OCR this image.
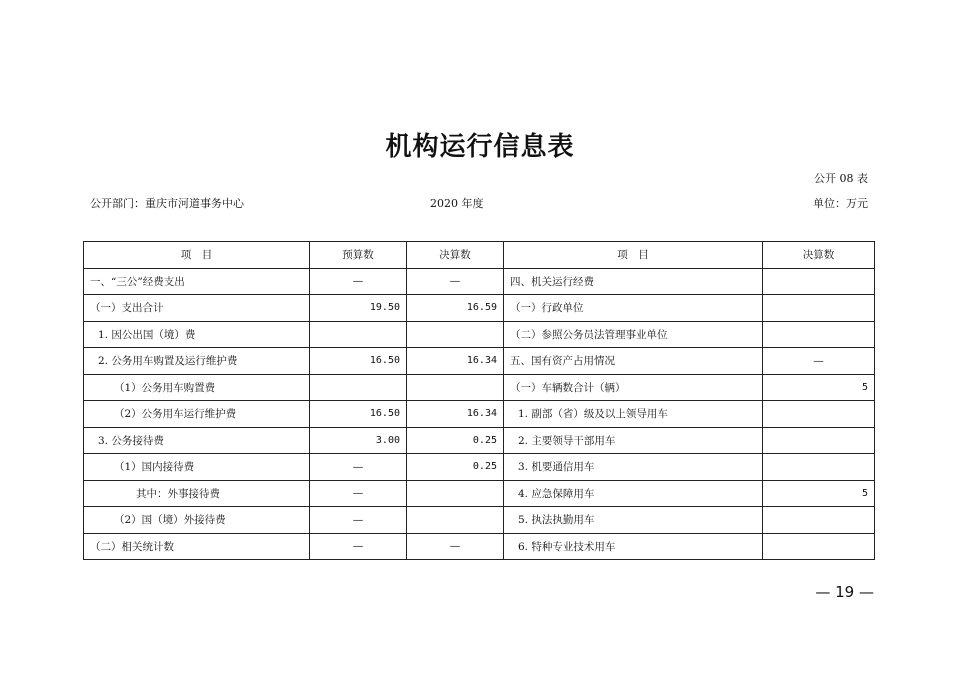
机构运行信息表
公开 08 表
公开部门：重庆市河道事务中心	2020 年度	单位：万元
项　目	预算数	决算数	项　目	决算数
一、“三公”经费支出	—	—	四、机关运行经费	
（一）支出合计	19.50	16.59	（一）行政单位	
1. 因公出国（境）费			（二）参照公务员法管理事业单位	
2. 公务用车购置及运行维护费	16.50	16.34	五、国有资产占用情况	—
（1）公务用车购置费			（一）车辆数合计（辆）	5
（2）公务用车运行维护费	16.50	16.34	1. 副部（省）级及以上领导用车	
3. 公务接待费	3.00	0.25	2. 主要领导干部用车	
（1）国内接待费	—	0.25	3. 机要通信用车	
其中：外事接待费	—		4. 应急保障用车	5
（2）国（境）外接待费	—		5. 执法执勤用车	
（二）相关统计数	—	—	6. 特种专业技术用车	
— 19 —
